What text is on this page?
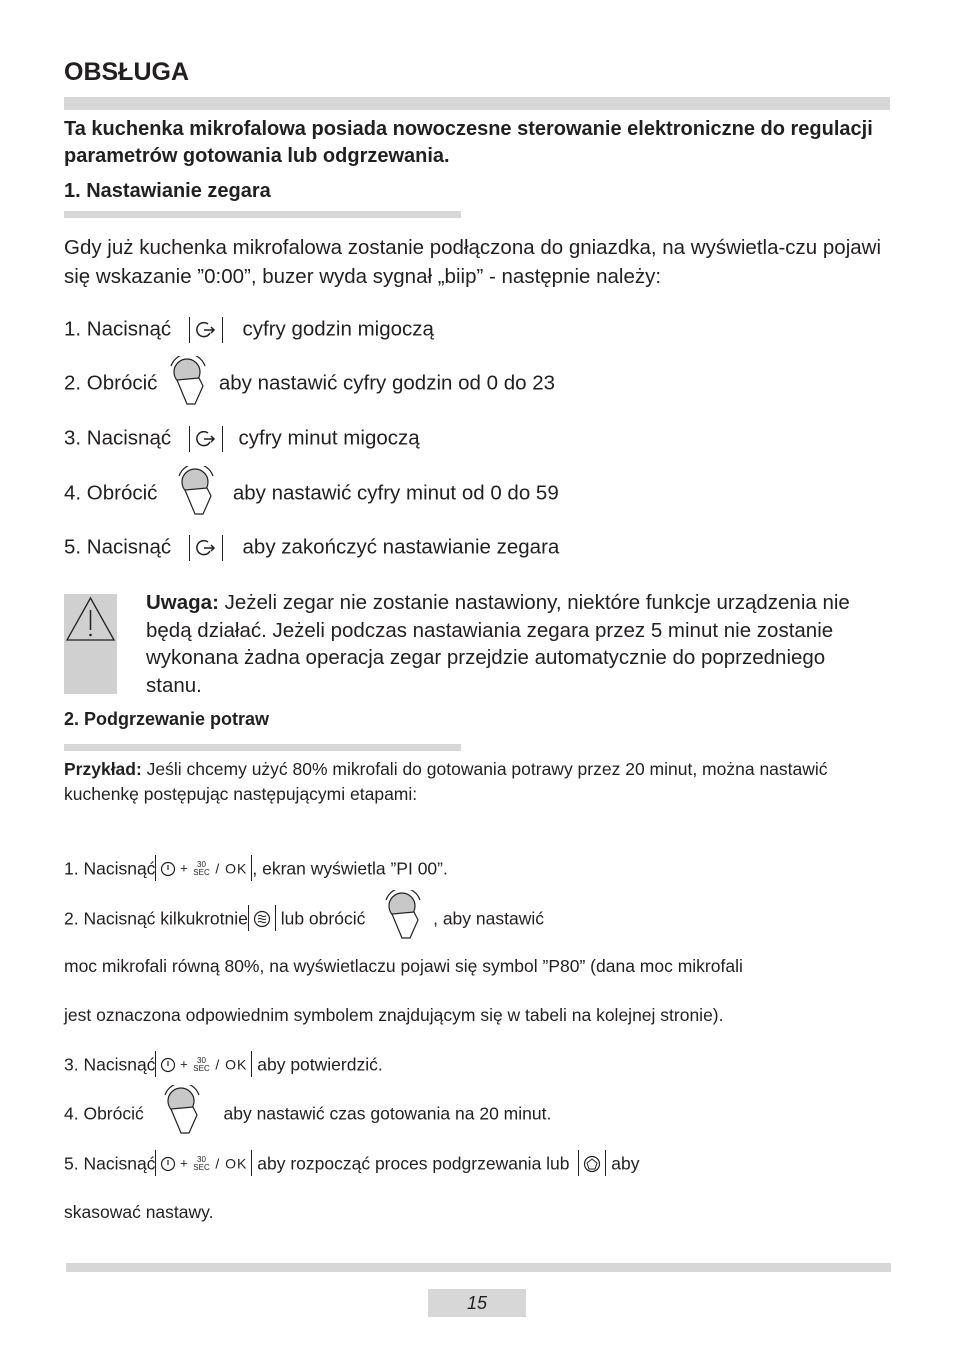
OBSŁUGA
Ta kuchenka mikrofalowa posiada nowoczesne sterowanie elektroniczne do regulacji parametrów gotowania lub odgrzewania.
1. Nastawianie zegara
Gdy już kuchenka mikrofalowa zostanie podłączona do gniazdka, na wyświetla-czu pojawi się wskazanie ”0:00”, buzer wyda sygnał „biip” - następnie należy:
1. Nacisnąć	cyfry godzin migoczą
2. Obrócić	aby nastawić cyfry godzin od 0 do 23
3. Nacisnąć	cyfry minut migoczą
4. Obrócić	aby nastawić cyfry minut od 0 do 59
5. Nacisnąć	aby zakończyć nastawianie zegara
Uwaga: Jeżeli zegar nie zostanie nastawiony, niektóre funkcje urządzenia nie będą działać. Jeżeli podczas nastawiania zegara przez 5 minut nie zostanie wykonana żadna operacja zegar przejdzie automatycznie do poprzedniego stanu.
2. Podgrzewanie potraw
Przykład: Jeśli chcemy użyć 80% mikrofali do gotowania potrawy przez 20 minut, można nastawić kuchenkę postępując następującymi etapami:
1. Nacisnąć + 30
SEC / OK , ekran wyświetla ”PI 00”.
2. Nacisnąć kilkukrotnie lub obrócić	, aby nastawić
moc mikrofali równą 80%, na wyświetlaczu pojawi się symbol ”P80” (dana moc mikrofali
jest oznaczona odpowiednim symbolem znajdującym się w tabeli na kolejnej stronie).
3. Nacisnąć + 30
SEC / OK aby potwierdzić.
4. Obrócić	aby nastawić czas gotowania na 20 minut.
5. Nacisnąć + 30
SEC / OK aby rozpocząć proces podgrzewania lub aby
skasować nastawy.
15
